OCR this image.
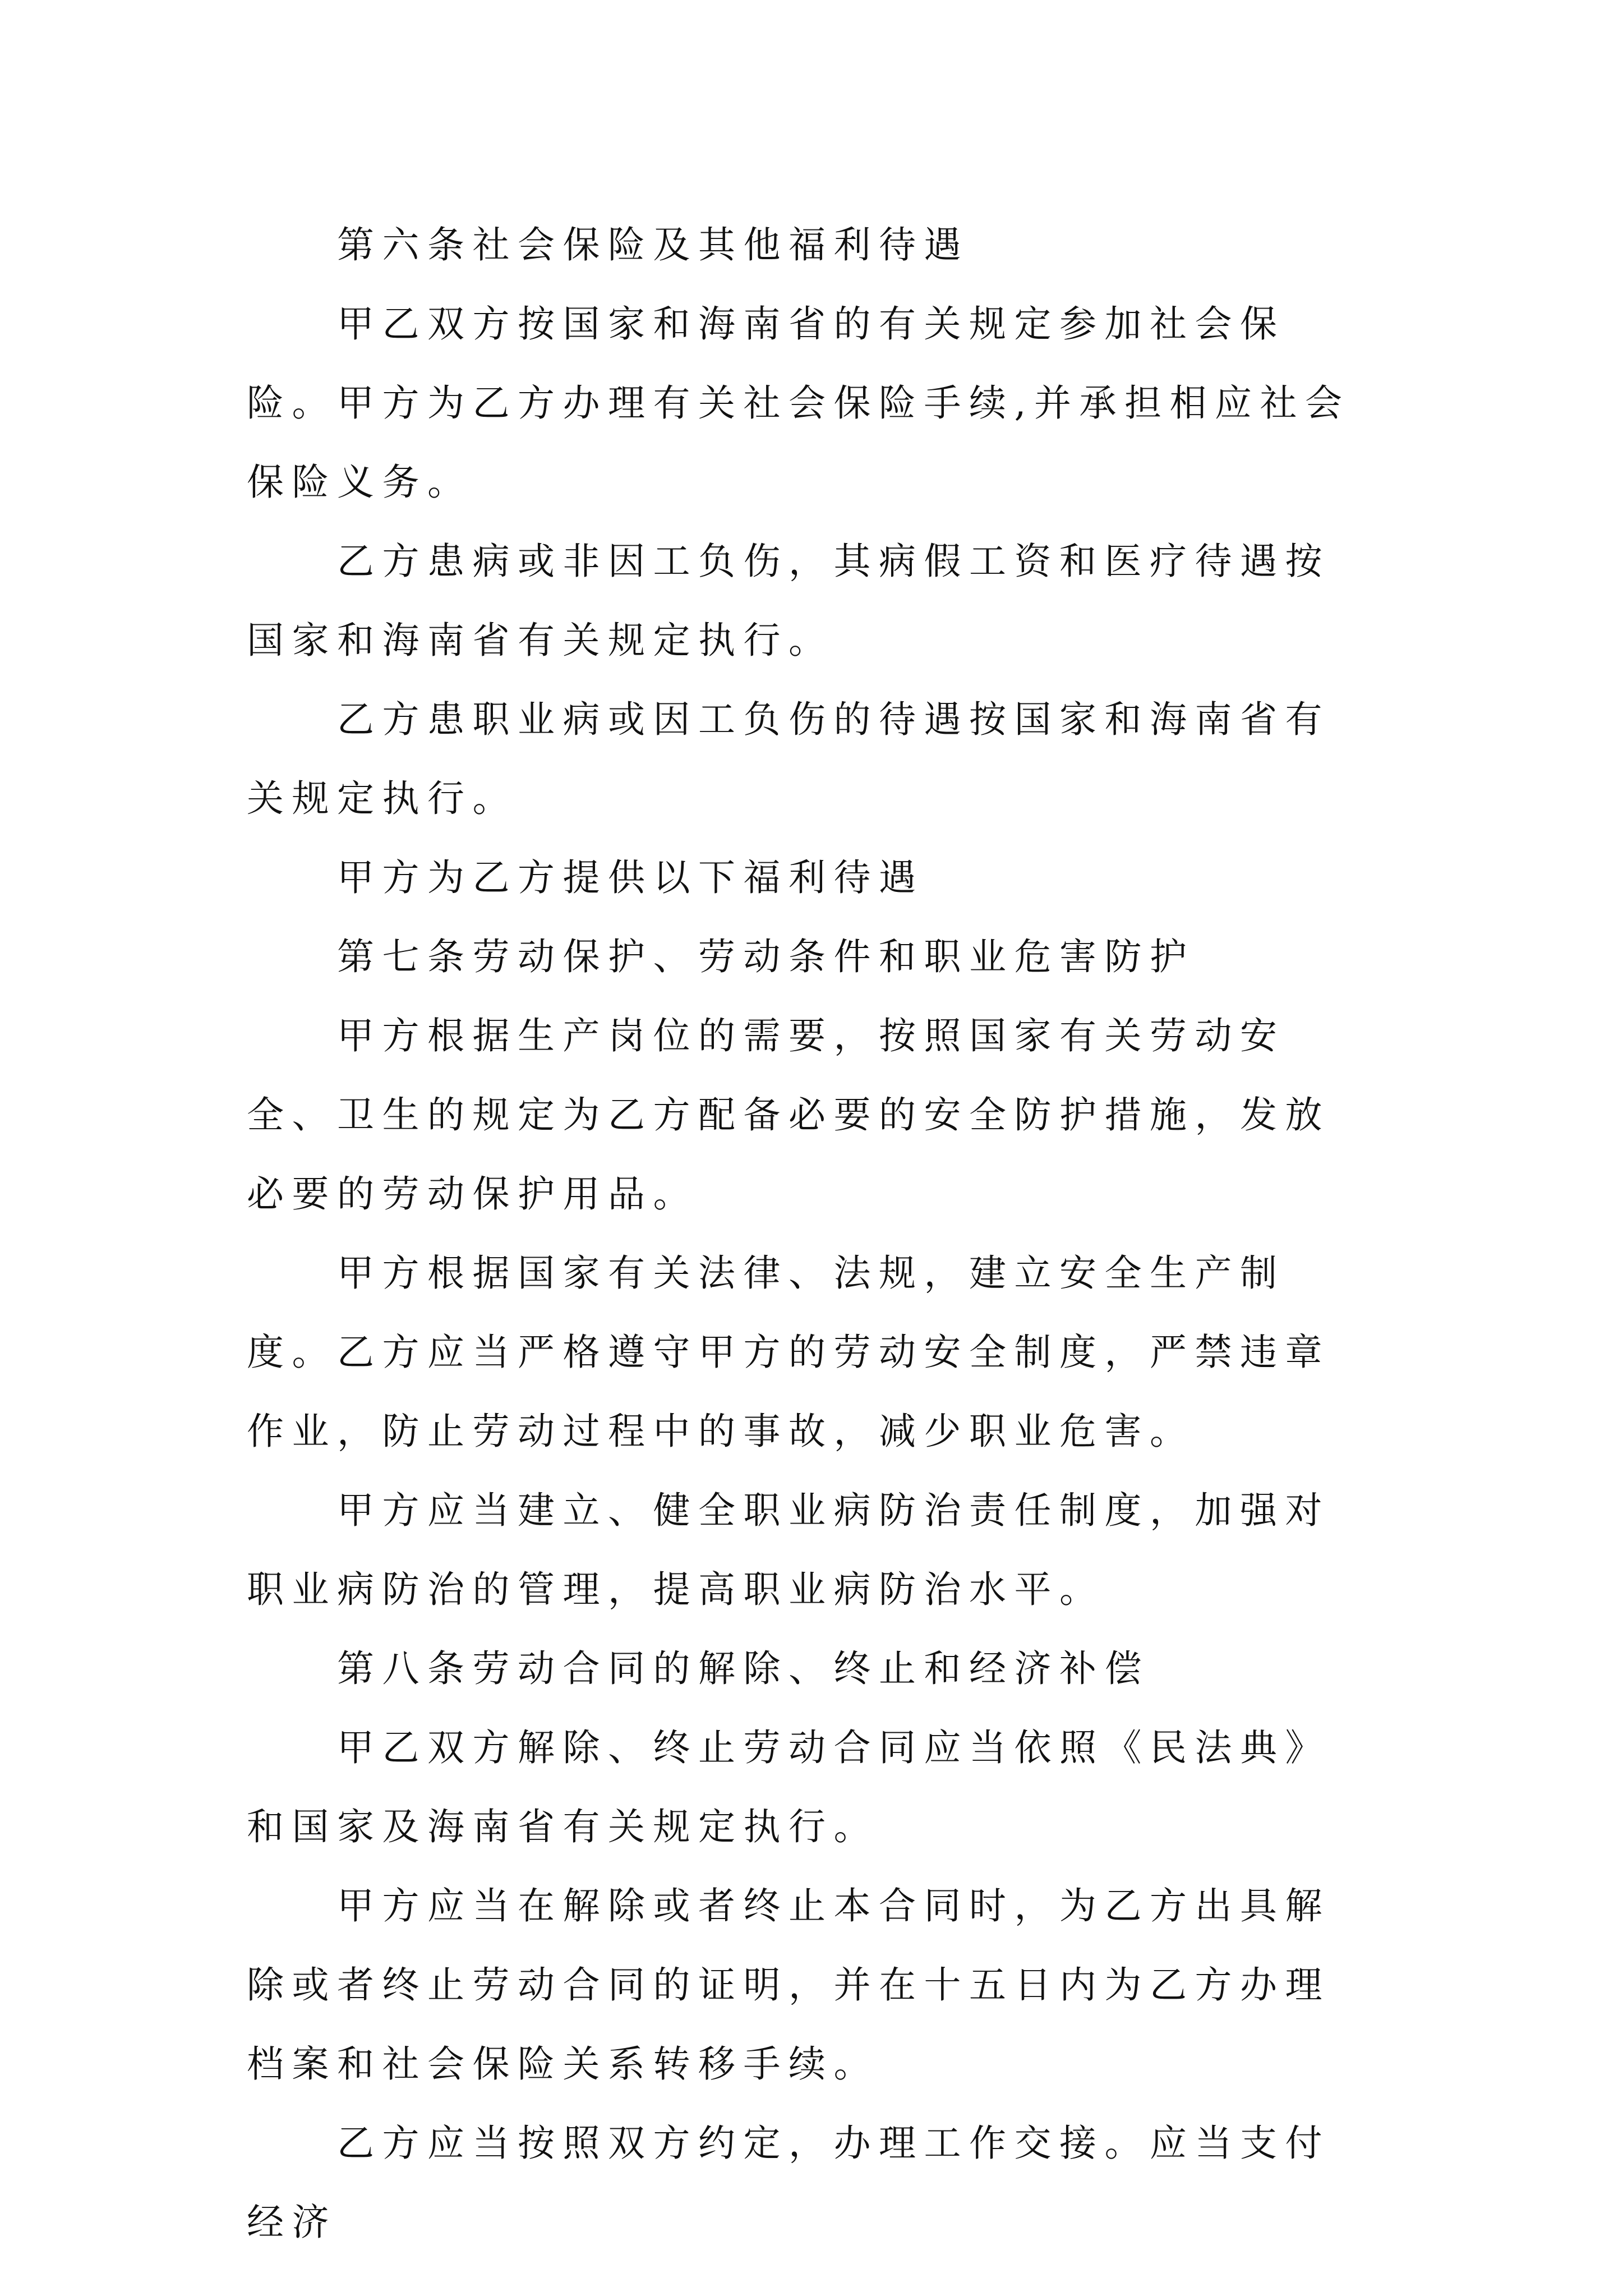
第六条社会保险及其他福利待遇

甲乙双方按国家和海南省的有关规定参加社会保险。甲方为乙方办理有关社会保险手续,并承担相应社会保险义务。

乙方患病或非因工负伤，其病假工资和医疗待遇按国家和海南省有关规定执行。

乙方患职业病或因工负伤的待遇按国家和海南省有关规定执行。

甲方为乙方提供以下福利待遇

第七条劳动保护、劳动条件和职业危害防护

甲方根据生产岗位的需要，按照国家有关劳动安全、卫生的规定为乙方配备必要的安全防护措施，发放必要的劳动保护用品。

甲方根据国家有关法律、法规，建立安全生产制度。乙方应当严格遵守甲方的劳动安全制度，严禁违章作业，防止劳动过程中的事故，减少职业危害。

甲方应当建立、健全职业病防治责任制度，加强对职业病防治的管理，提高职业病防治水平。

第八条劳动合同的解除、终止和经济补偿

甲乙双方解除、终止劳动合同应当依照《民法典》和国家及海南省有关规定执行。

甲方应当在解除或者终止本合同时，为乙方出具解除或者终止劳动合同的证明，并在十五日内为乙方办理档案和社会保险关系转移手续。

乙方应当按照双方约定，办理工作交接。应当支付经济
